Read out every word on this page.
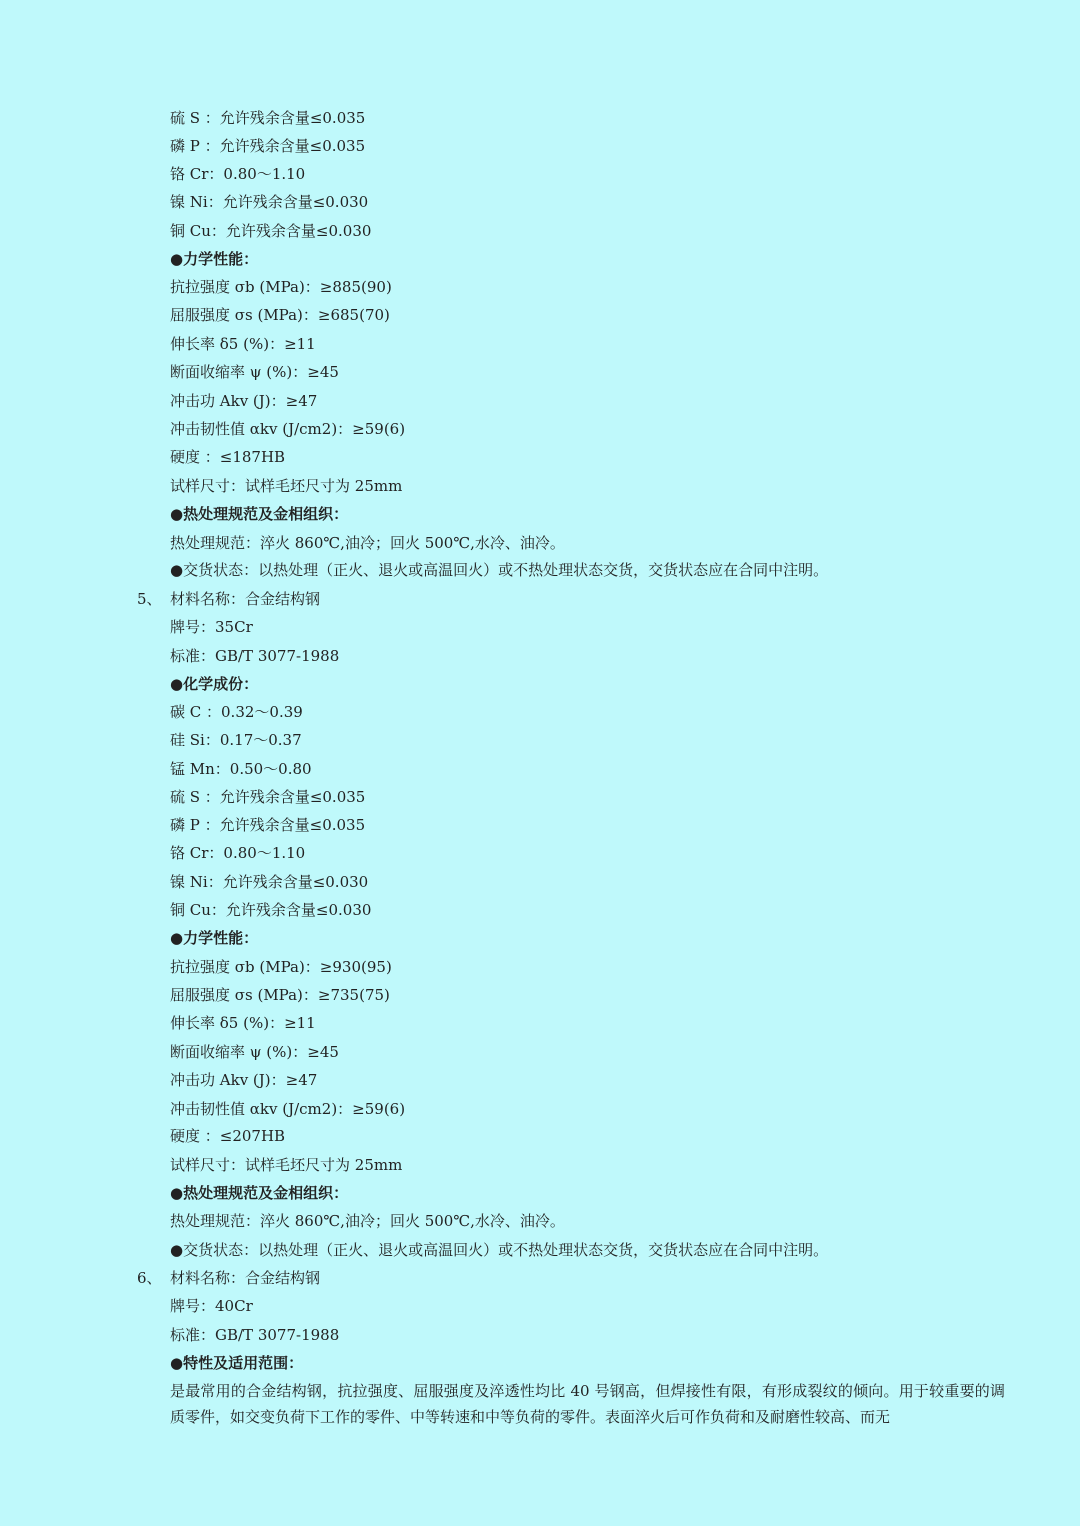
硫 S ：允许残余含量≤0.035
磷 P ：允许残余含量≤0.035
铬 Cr：0.80～1.10
镍 Ni：允许残余含量≤0.030
铜 Cu：允许残余含量≤0.030
●力学性能：
抗拉强度 σb (MPa)：≥885(90)
屈服强度 σs (MPa)：≥685(70)
伸长率 δ5 (%)：≥11
断面收缩率 ψ (%)：≥45
冲击功 Akv (J)：≥47
冲击韧性值 αkv (J/cm2)：≥59(6)
硬度 ：≤187HB
试样尺寸：试样毛坯尺寸为 25mm
●热处理规范及金相组织：
热处理规范：淬火 860℃,油冷；回火 500℃,水冷、油冷。
●交货状态：以热处理（正火、退火或高温回火）或不热处理状态交货，交货状态应在合同中注明。
5、 材料名称：合金结构钢
牌号：35Cr
标准：GB/T 3077-1988
●化学成份：
碳 C ：0.32～0.39
硅 Si：0.17～0.37
锰 Mn：0.50～0.80
硫 S ：允许残余含量≤0.035
磷 P ：允许残余含量≤0.035
铬 Cr：0.80～1.10
镍 Ni：允许残余含量≤0.030
铜 Cu：允许残余含量≤0.030
●力学性能：
抗拉强度 σb (MPa)：≥930(95)
屈服强度 σs (MPa)：≥735(75)
伸长率 δ5 (%)：≥11
断面收缩率 ψ (%)：≥45
冲击功 Akv (J)：≥47
冲击韧性值 αkv (J/cm2)：≥59(6)
硬度 ：≤207HB
试样尺寸：试样毛坯尺寸为 25mm
●热处理规范及金相组织：
热处理规范：淬火 860℃,油冷；回火 500℃,水冷、油冷。
●交货状态：以热处理（正火、退火或高温回火）或不热处理状态交货，交货状态应在合同中注明。
6、 材料名称：合金结构钢
牌号：40Cr
标准：GB/T 3077-1988
●特性及适用范围：
是最常用的合金结构钢，抗拉强度、屈服强度及淬透性均比 40 号钢高，但焊接性有限，有形成裂纹的倾向。用于较重要的调质零件，如交变负荷下工作的零件、中等转速和中等负荷的零件。表面淬火后可作负荷和及耐磨性较高、而无
